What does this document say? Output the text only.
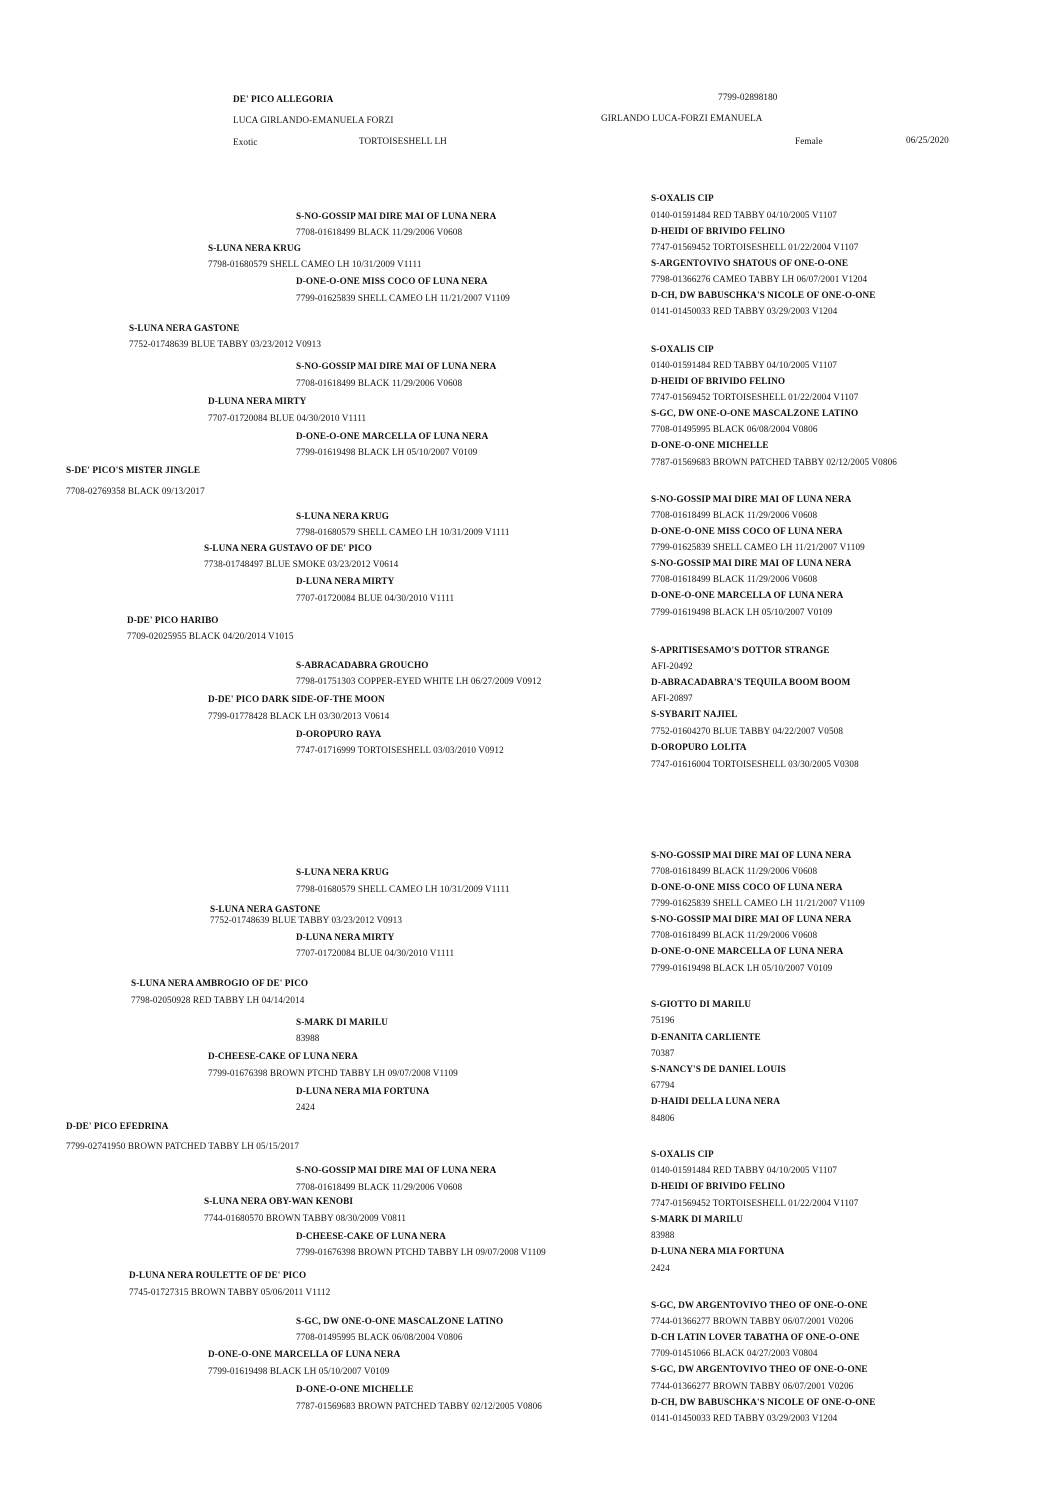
DE' PICO ALLEGORIA	7799-02898180
LUCA GIRLANDO-EMANUELA FORZI	GIRLANDO LUCA-FORZI EMANUELA
Exotic	TORTOISESHELL LH	Female	06/25/2020
S-NO-GOSSIP MAI DIRE MAI OF LUNA NERA
7708-01618499 BLACK 11/29/2006 V0608
S-LUNA NERA KRUG
7798-01680579 SHELL CAMEO LH 10/31/2009 V1111
D-ONE-O-ONE MISS COCO OF LUNA NERA
7799-01625839 SHELL CAMEO LH 11/21/2007 V1109
S-LUNA NERA GASTONE
7752-01748639 BLUE TABBY 03/23/2012 V0913
S-NO-GOSSIP MAI DIRE MAI OF LUNA NERA
7708-01618499 BLACK 11/29/2006 V0608
D-LUNA NERA MIRTY
7707-01720084 BLUE 04/30/2010 V1111
D-ONE-O-ONE MARCELLA OF LUNA NERA
7799-01619498 BLACK LH 05/10/2007 V0109
S-DE' PICO'S MISTER JINGLE
7708-02769358 BLACK 09/13/2017
S-LUNA NERA KRUG
7798-01680579 SHELL CAMEO LH 10/31/2009 V1111
S-LUNA NERA GUSTAVO OF DE' PICO
7738-01748497 BLUE SMOKE 03/23/2012 V0614
D-LUNA NERA MIRTY
7707-01720084 BLUE 04/30/2010 V1111
D-DE' PICO HARIBO
7709-02025955 BLACK 04/20/2014 V1015
S-ABRACADABRA GROUCHO
7798-01751303 COPPER-EYED WHITE LH 06/27/2009 V0912
D-DE' PICO DARK SIDE-OF-THE MOON
7799-01778428 BLACK LH 03/30/2013 V0614
D-OROPURO RAYA
7747-01716999 TORTOISESHELL 03/03/2010 V0912
S-LUNA NERA KRUG
7798-01680579 SHELL CAMEO LH 10/31/2009 V1111
S-LUNA NERA GASTONE
7752-01748639 BLUE TABBY 03/23/2012 V0913
D-LUNA NERA MIRTY
7707-01720084 BLUE 04/30/2010 V1111
S-LUNA NERA AMBROGIO OF DE' PICO
7798-02050928 RED TABBY LH 04/14/2014
S-MARK DI MARILU
83988
D-CHEESE-CAKE OF LUNA NERA
7799-01676398 BROWN PTCHD TABBY LH 09/07/2008 V1109
D-LUNA NERA MIA FORTUNA
2424
D-DE' PICO EFEDRINA
7799-02741950 BROWN PATCHED TABBY LH 05/15/2017
S-NO-GOSSIP MAI DIRE MAI OF LUNA NERA
7708-01618499 BLACK 11/29/2006 V0608
S-LUNA NERA OBY-WAN KENOBI
7744-01680570 BROWN TABBY 08/30/2009 V0811
D-CHEESE-CAKE OF LUNA NERA
7799-01676398 BROWN PTCHD TABBY LH 09/07/2008 V1109
D-LUNA NERA ROULETTE OF DE' PICO
7745-01727315 BROWN TABBY 05/06/2011 V1112
S-GC, DW ONE-O-ONE MASCALZONE LATINO
7708-01495995 BLACK 06/08/2004 V0806
D-ONE-O-ONE MARCELLA OF LUNA NERA
7799-01619498 BLACK LH 05/10/2007 V0109
D-ONE-O-ONE MICHELLE
7787-01569683 BROWN PATCHED TABBY 02/12/2005 V0806
S-OXALIS CIP
0140-01591484 RED TABBY 04/10/2005 V1107
D-HEIDI OF BRIVIDO FELINO
7747-01569452 TORTOISESHELL 01/22/2004 V1107
S-ARGENTOVIVO SHATOUS OF ONE-O-ONE
7798-01366276 CAMEO TABBY LH 06/07/2001 V1204
D-CH, DW BABUSCHKA'S NICOLE OF ONE-O-ONE
0141-01450033 RED TABBY 03/29/2003 V1204
S-OXALIS CIP
0140-01591484 RED TABBY 04/10/2005 V1107
D-HEIDI OF BRIVIDO FELINO
7747-01569452 TORTOISESHELL 01/22/2004 V1107
S-GC, DW ONE-O-ONE MASCALZONE LATINO
7708-01495995 BLACK 06/08/2004 V0806
D-ONE-O-ONE MICHELLE
7787-01569683 BROWN PATCHED TABBY 02/12/2005 V0806
S-NO-GOSSIP MAI DIRE MAI OF LUNA NERA
7708-01618499 BLACK 11/29/2006 V0608
D-ONE-O-ONE MISS COCO OF LUNA NERA
7799-01625839 SHELL CAMEO LH 11/21/2007 V1109
S-NO-GOSSIP MAI DIRE MAI OF LUNA NERA
7708-01618499 BLACK 11/29/2006 V0608
D-ONE-O-ONE MARCELLA OF LUNA NERA
7799-01619498 BLACK LH 05/10/2007 V0109
S-APRITISESAMO'S DOTTOR STRANGE
AFI-20492
D-ABRACADABRA'S TEQUILA BOOM BOOM
AFI-20897
S-SYBARIT NAJIEL
7752-01604270 BLUE TABBY 04/22/2007 V0508
D-OROPURO LOLITA
7747-01616004 TORTOISESHELL 03/30/2005 V0308
S-NO-GOSSIP MAI DIRE MAI OF LUNA NERA
7708-01618499 BLACK 11/29/2006 V0608
D-ONE-O-ONE MISS COCO OF LUNA NERA
7799-01625839 SHELL CAMEO LH 11/21/2007 V1109
S-NO-GOSSIP MAI DIRE MAI OF LUNA NERA
7708-01618499 BLACK 11/29/2006 V0608
D-ONE-O-ONE MARCELLA OF LUNA NERA
7799-01619498 BLACK LH 05/10/2007 V0109
S-GIOTTO DI MARILU
75196
D-ENANITA CARLIENTE
70387
S-NANCY'S DE DANIEL LOUIS
67794
D-HAIDI DELLA LUNA NERA
84806
S-OXALIS CIP
0140-01591484 RED TABBY 04/10/2005 V1107
D-HEIDI OF BRIVIDO FELINO
7747-01569452 TORTOISESHELL 01/22/2004 V1107
S-MARK DI MARILU
83988
D-LUNA NERA MIA FORTUNA
2424
S-GC, DW ARGENTOVIVO THEO OF ONE-O-ONE
7744-01366277 BROWN TABBY 06/07/2001 V0206
D-CH LATIN LOVER TABATHA OF ONE-O-ONE
7709-01451066 BLACK 04/27/2003 V0804
S-GC, DW ARGENTOVIVO THEO OF ONE-O-ONE
7744-01366277 BROWN TABBY 06/07/2001 V0206
D-CH, DW BABUSCHKA'S NICOLE OF ONE-O-ONE
0141-01450033 RED TABBY 03/29/2003 V1204
